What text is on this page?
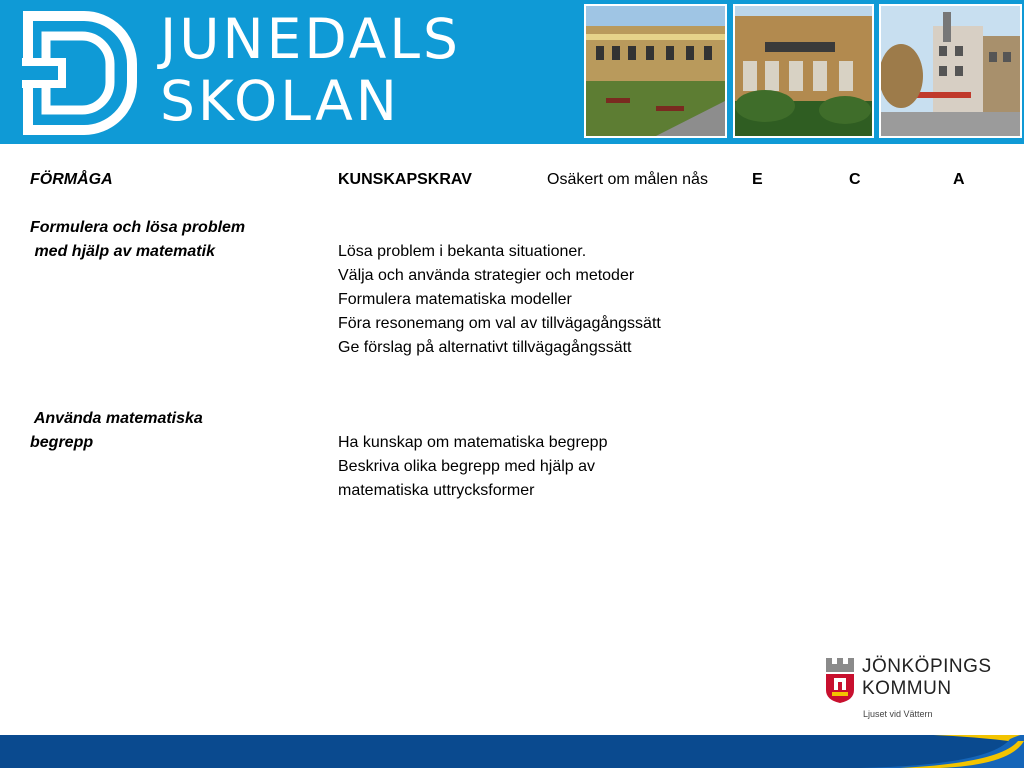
JUNEDALS
SKOLAN
FÖRMÅGA	KUNSKAPSKRAV	Osäkert om målen nås	E	C	A
Formulera och lösa problem
med hjälp av matematik	Lösa problem i bekanta situationer.
Välja och använda strategier och metoder
Formulera matematiska modeller
Föra resonemang om val av tillvägagångssätt
Ge förslag på alternativt tillvägagångssätt
Använda matematiska
begrepp	Ha kunskap om matematiska begrepp
Beskriva olika begrepp med hjälp av
matematiska uttrycksformer
JÖNKÖPINGS
KOMMUN
Ljuset vid Vättern
